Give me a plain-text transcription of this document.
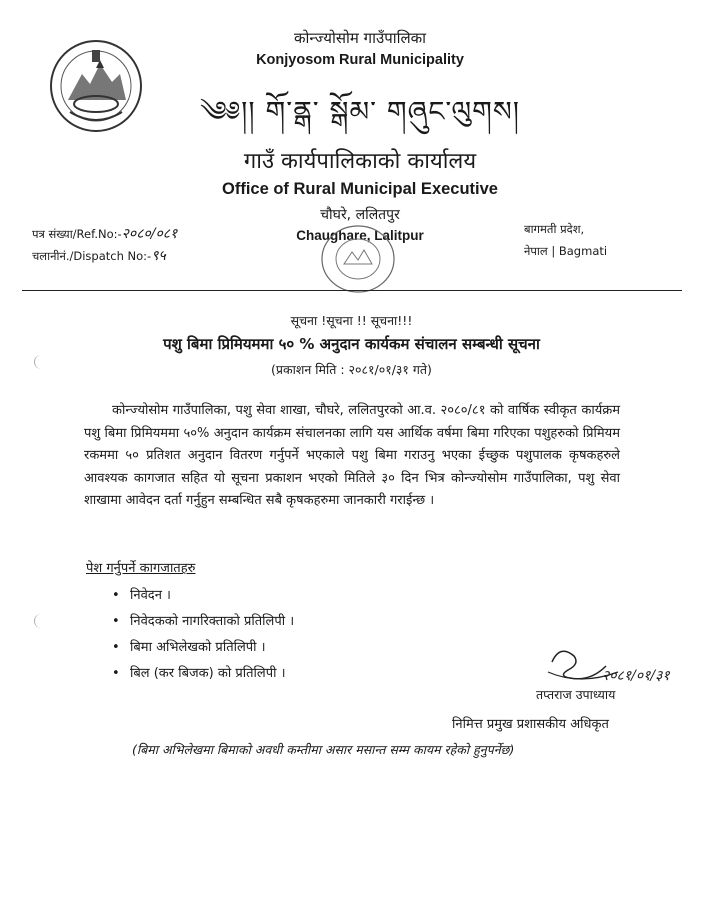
कोन्ज्योसोम गाउँपालिका
Konjyosom Rural Municipality
༄༅།། གོ་ནྒ་ སྒོམ་ གཞུང་ལུགས།
गाउँ कार्यपालिकाको कार्यालय
Office of Rural Municipal Executive
चौघरे, ललितपुर
Chaughare, Lalitpur
पत्र संख्या/Ref.No:-२०८०/०८१
चलानीनं./Dispatch No:-९५
बागमती प्रदेश,
नेपाल | Bagmati
सूचना !सूचना !! सूचना!!!
पशु बिमा प्रिमियममा ५० % अनुदान कार्यकम संचालन सम्बन्धी सूचना
(प्रकाशन मिति : २०८१/०१/३१ गते)
कोन्ज्योसोम गाउँपालिका, पशु सेवा शाखा, चौघरे, ललितपुरको आ.व. २०८०/८१ को वार्षिक स्वीकृत कार्यक्रम पशु बिमा प्रिमियममा ५०% अनुदान कार्यक्रम संचालनका लागि यस आर्थिक वर्षमा बिमा गरिएका पशुहरुको प्रिमियम रकममा ५० प्रतिशत अनुदान वितरण गर्नुपर्ने भएकाले पशु बिमा गराउनु भएका ईच्छुक पशुपालक कृषकहरुले आवश्यक कागजात सहित यो सूचना प्रकाशन भएको मितिले ३० दिन भित्र कोन्ज्योसोम गाउँपालिका, पशु सेवा शाखामा आवेदन दर्ता गर्नुहुन सम्बन्धित सबै कृषकहरुमा जानकारी गराईन्छ ।
पेश गर्नुपर्ने कागजातहरु
• निवेदन ।
• निवेदकको नागरिक्ताको प्रतिलिपी ।
• बिमा अभिलेखको प्रतिलिपी ।
• बिल (कर बिजक) को प्रतिलिपी ।	२०८१/०१/३१
तप्तराज उपाध्याय
निमित्त प्रमुख प्रशासकीय अधिकृत
(बिमा अभिलेखमा बिमाको अवधी कम्तीमा असार मसान्त सम्म कायम रहेको हुनुपर्नेछ)
